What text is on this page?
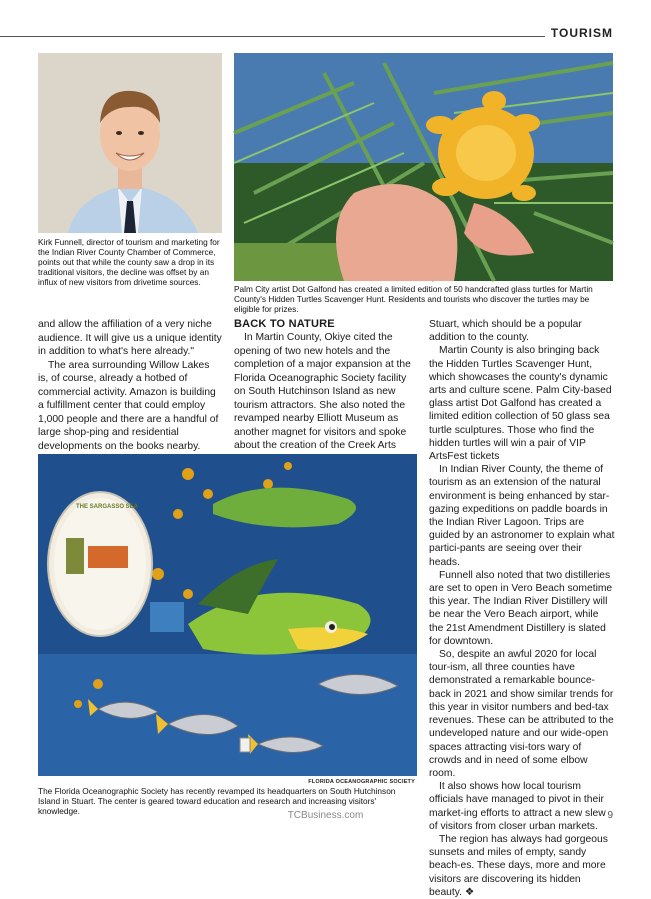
TOURISM
Kirk Funnell, director of tourism and marketing for the Indian River County Chamber of Commerce, points out that while the county saw a drop in its traditional visitors, the decline was offset by an influx of new visitors from drivetime sources.
Palm City artist Dot Galfond has created a limited edition of 50 handcrafted glass turtles for Martin County's Hidden Turtles Scavenger Hunt. Residents and tourists who discover the turtles may be eligible for prizes.

and allow the affiliation of a very niche audience. It will give us a unique identity in addition to what's here already."

The area surrounding Willow Lakes is, of course, already a hotbed of commercial activity. Amazon is building a fulfillment center that could employ 1,000 people and there are a handful of large shop-ping and residential developments on the books nearby.

BACK TO NATURE

In Martin County, Okiye cited the opening of two new hotels and the completion of a major expansion at the Florida Oceanographic Society facility on South Hutchinson Island as new tourism attractors. She also noted the revamped nearby Elliott Museum as another magnet for visitors and spoke about the creation of the Creek Arts

Stuart, which should be a popular addition to the county.

Martin County is also bringing back the Hidden Turtles Scavenger Hunt, which showcases the county's dynamic arts and culture scene. Palm City-based glass artist Dot Galfond has created a limited edition collection of 50 glass sea turtle sculptures. Those who find the hidden turtles will win a pair of VIP ArtsFest tickets

In Indian River County, the theme of tourism as an extension of the natural environment is being enhanced by star-gazing expeditions on paddle boards in the Indian River Lagoon. Trips are guided by an astronomer to explain what partici-pants are seeing over their heads.

Funnell also noted that two distilleries are set to open in Vero Beach sometime this year. The Indian River Distillery will be near the Vero Beach airport, while the 21st Amendment Distillery is slated for downtown.

So, despite an awful 2020 for local tour-ism, all three counties have demonstrated a remarkable bounce-back in 2021 and show similar trends for this year in visitor numbers and bed-tax revenues. These can be attributed to the undeveloped nature and our wide-open spaces attracting visi-tors wary of crowds and in need of some elbow room.

It also shows how local tourism officials have managed to pivot in their market-ing efforts to attract a new slew of visitors from closer urban markets.

The region has always had gorgeous sunsets and miles of empty, sandy beach-es. These days, more and more visitors are discovering its hidden beauty. ❖

THE SARGASSO SEA
FLORIDA OCEANOGRAPHIC SOCIETY
The Florida Oceanographic Society has recently revamped its headquarters on South Hutchinson Island in Stuart. The center is geared toward education and research and increasing visitors' knowledge.	TCBusiness.com	9
